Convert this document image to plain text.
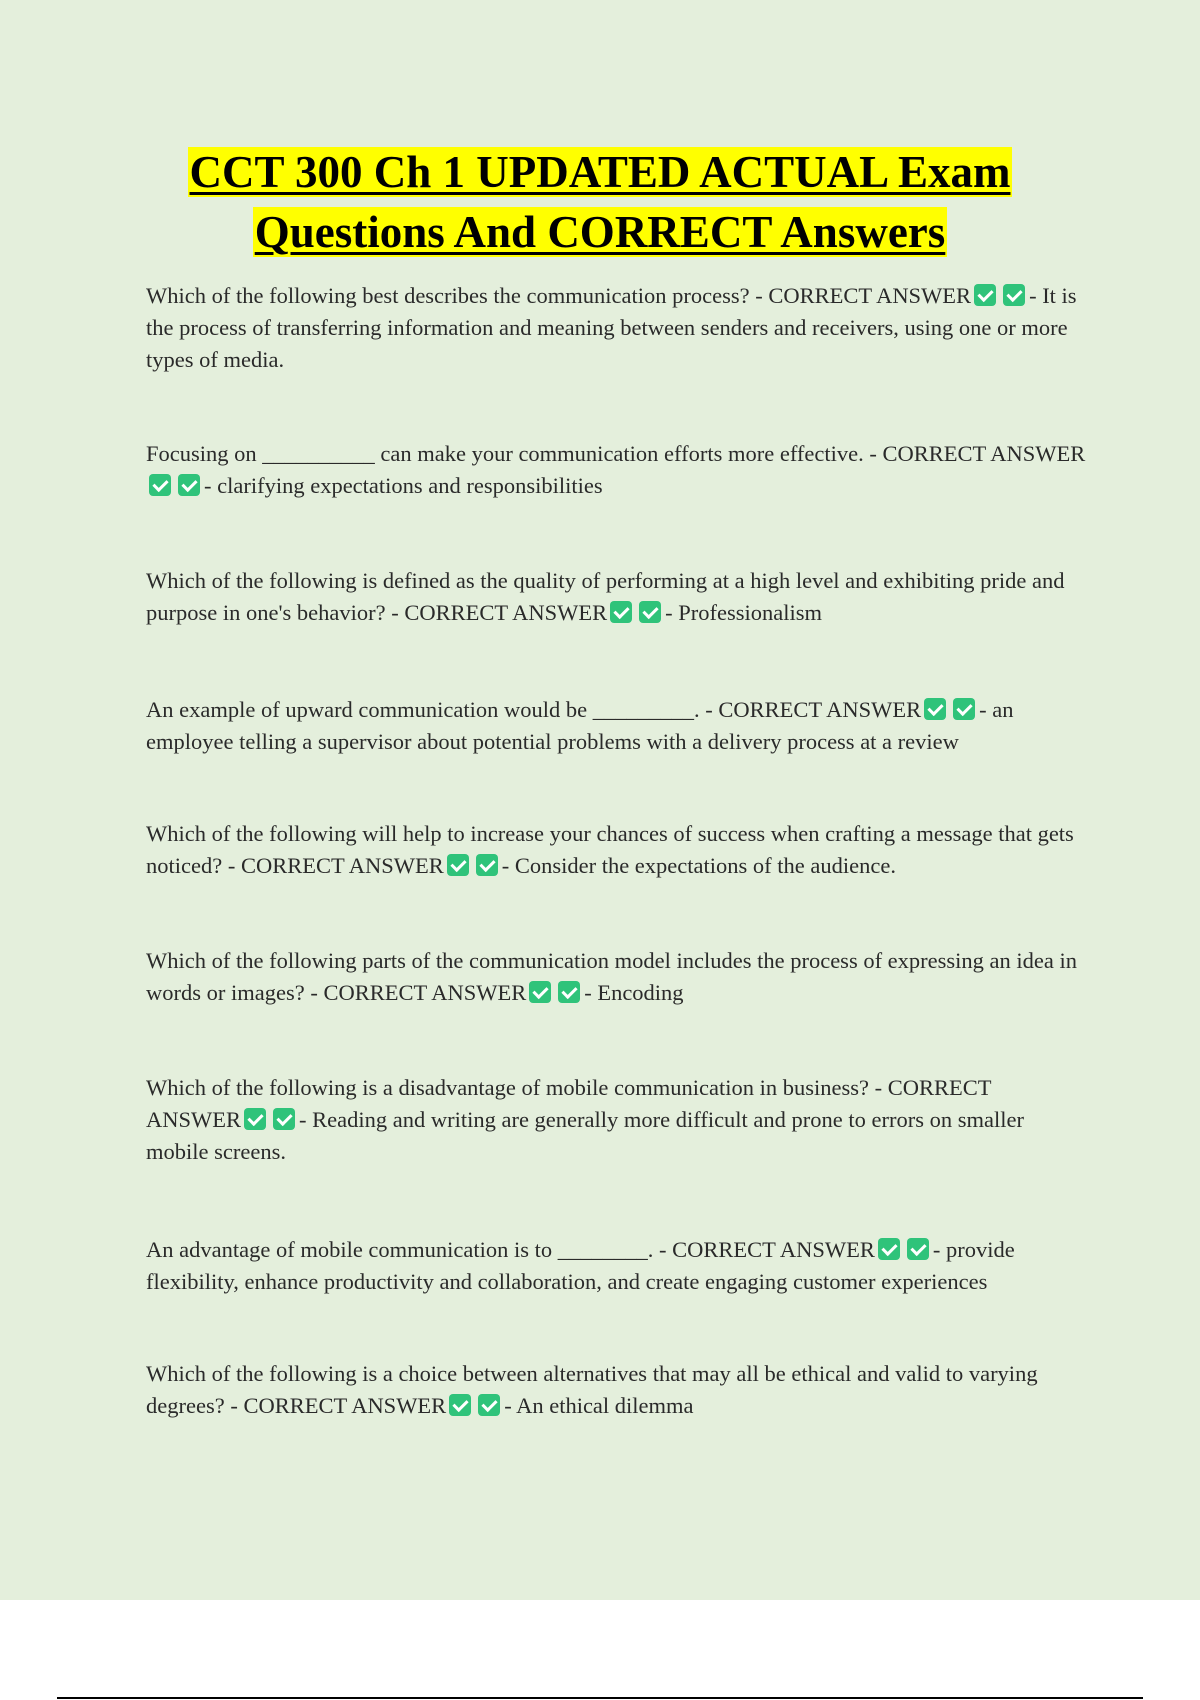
CCT 300 Ch 1 UPDATED ACTUAL Exam
Questions And CORRECT Answers
Which of the following best describes the communication process? - CORRECT ANSWER	- It is the process of transferring information and meaning between senders and receivers, using one or more types of media.
Focusing on __________ can make your communication efforts more effective. - CORRECT ANSWER- clarifying expectations and responsibilities
Which of the following is defined as the quality of performing at a high level and exhibiting pride and purpose in one's behavior? - CORRECT ANSWER	- Professionalism
An example of upward communication would be _________. - CORRECT ANSWER	- an employee telling a supervisor about potential problems with a delivery process at a review
Which of the following will help to increase your chances of success when crafting a message that gets noticed? - CORRECT ANSWER	- Consider the expectations of the audience.
Which of the following parts of the communication model includes the process of expressing an idea in words or images? - CORRECT ANSWER	- Encoding
Which of the following is a disadvantage of mobile communication in business? - CORRECT ANSWER	- Reading and writing are generally more difficult and prone to errors on smaller mobile screens.
An advantage of mobile communication is to ________. - CORRECT ANSWER	- provide flexibility, enhance productivity and collaboration, and create engaging customer experiences
Which of the following is a choice between alternatives that may all be ethical and valid to varying degrees? - CORRECT ANSWER	- An ethical dilemma
